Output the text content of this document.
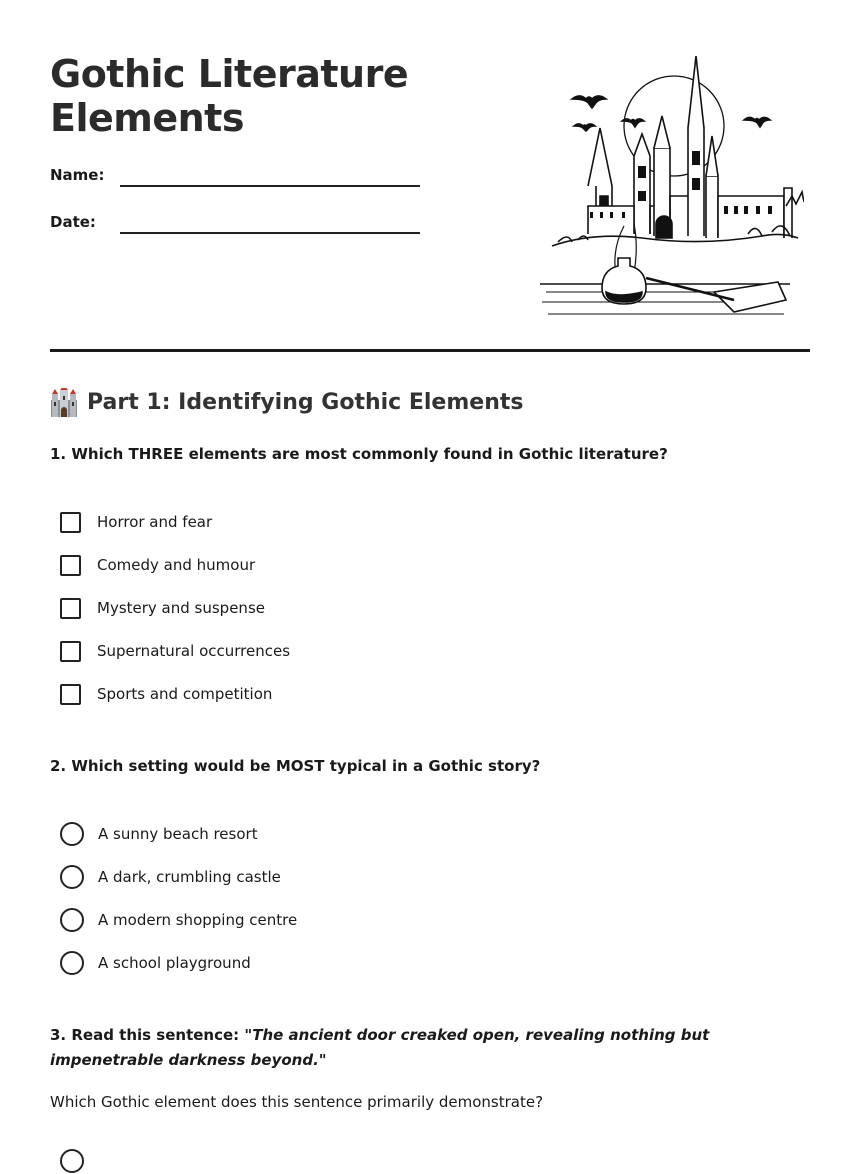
Gothic Literature
Elements
Name:
Date:
Part 1: Identifying Gothic Elements

1. Which THREE elements are most commonly found in Gothic literature?

Horror and fear
Comedy and humour
Mystery and suspense
Supernatural occurrences
Sports and competition

2. Which setting would be MOST typical in a Gothic story?

A sunny beach resort
A dark, crumbling castle
A modern shopping centre
A school playground

3. Read this sentence: "The ancient door creaked open, revealing nothing but impenetrable darkness beyond."

Which Gothic element does this sentence primarily demonstrate?
